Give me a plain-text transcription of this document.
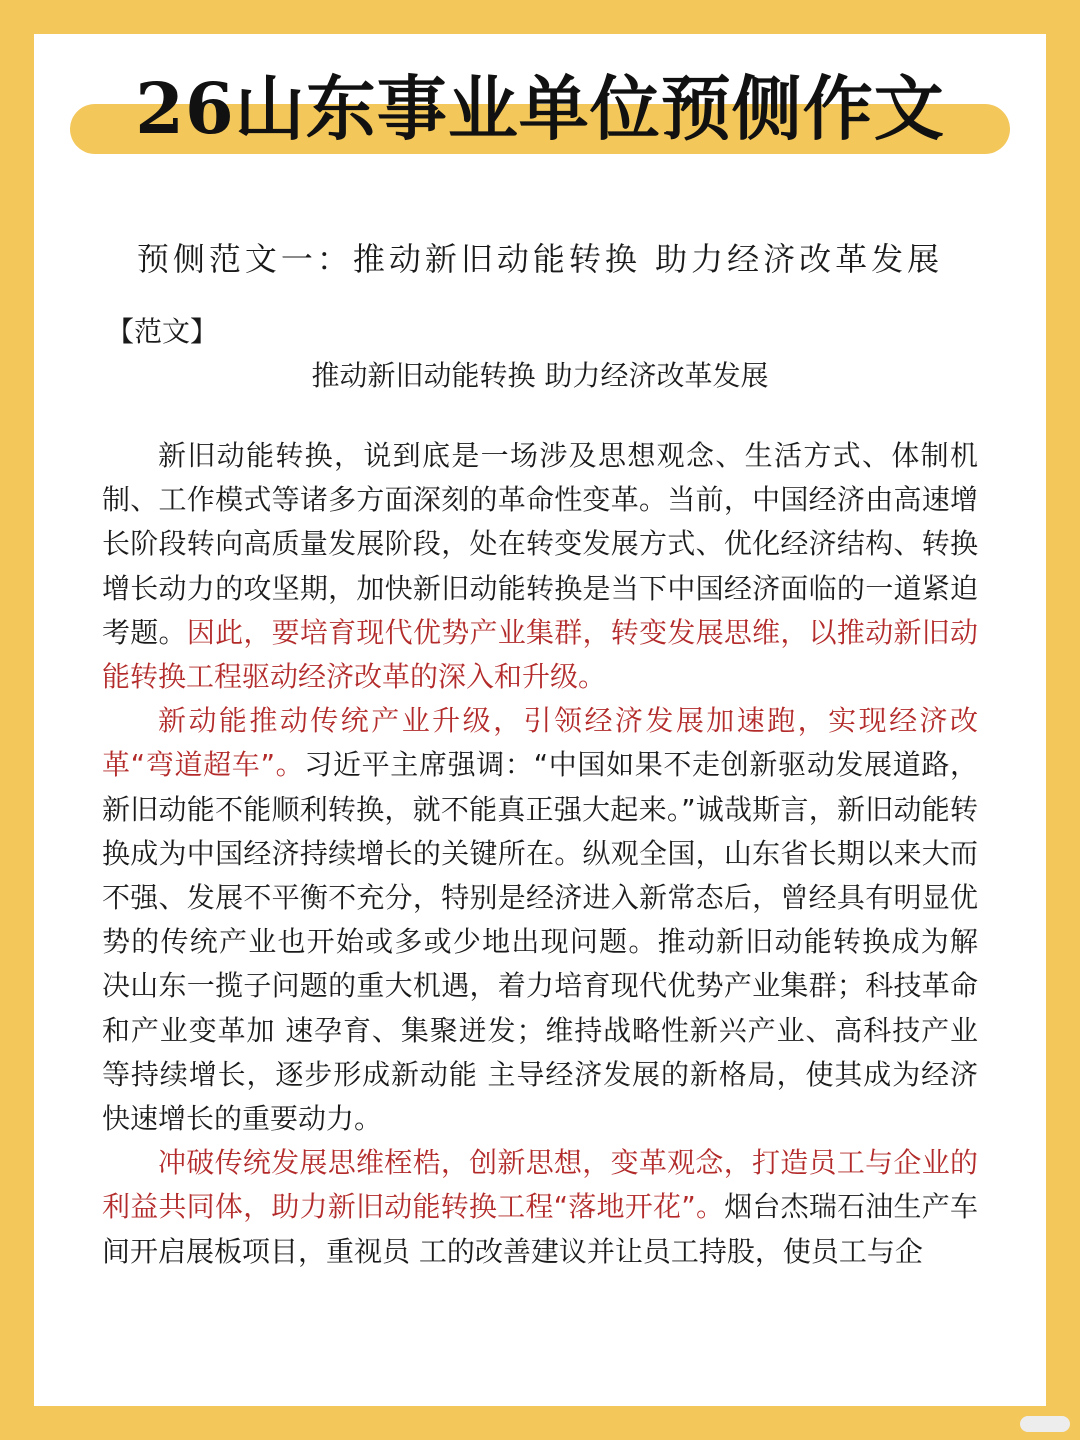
26山东事业单位预侧作文
预侧范文一：推动新旧动能转换 助力经济改革发展
【范文】
推动新旧动能转换 助力经济改革发展

新旧动能转换，说到底是一场涉及思想观念、生活方式、体制机制、工作模式等诸多方面深刻的革命性变革。当前，中国经济由高速增长阶段转向高质量发展阶段，处在转变发展方式、优化经济结构、转换增长动力的攻坚期，加快新旧动能转换是当下中国经济面临的一道紧迫考题。因此，要培育现代优势产业集群，转变发展思维，以推动新旧动能转换工程驱动经济改革的深入和升级。

新动能推动传统产业升级，引领经济发展加速跑，实现经济改革“弯道超车”。习近平主席强调：“中国如果不走创新驱动发展道路，新旧动能不能顺利转换，就不能真正强大起来。”诚哉斯言，新旧动能转换成为中国经济持续增长的关键所在。纵观全国，山东省长期以来大而不强、发展不平衡不充分，特别是经济进入新常态后，曾经具有明显优势的传统产业也开始或多或少地出现问题。推动新旧动能转换成为解 决山东一揽子问题的重大机遇，着力培育现代优势产业集群；科技革命和产业变革加 速孕育、集聚迸发；维持战略性新兴产业、高科技产业等持续增长，逐步形成新动能 主导经济发展的新格局，使其成为经济快速增长的重要动力。

冲破传统发展思维桎梏，创新思想，变革观念，打造员工与企业的利益共同体，助力新旧动能转换工程“落地开花”。烟台杰瑞石油生产车间开启展板项目，重视员 工的改善建议并让员工持股，使员工与企
